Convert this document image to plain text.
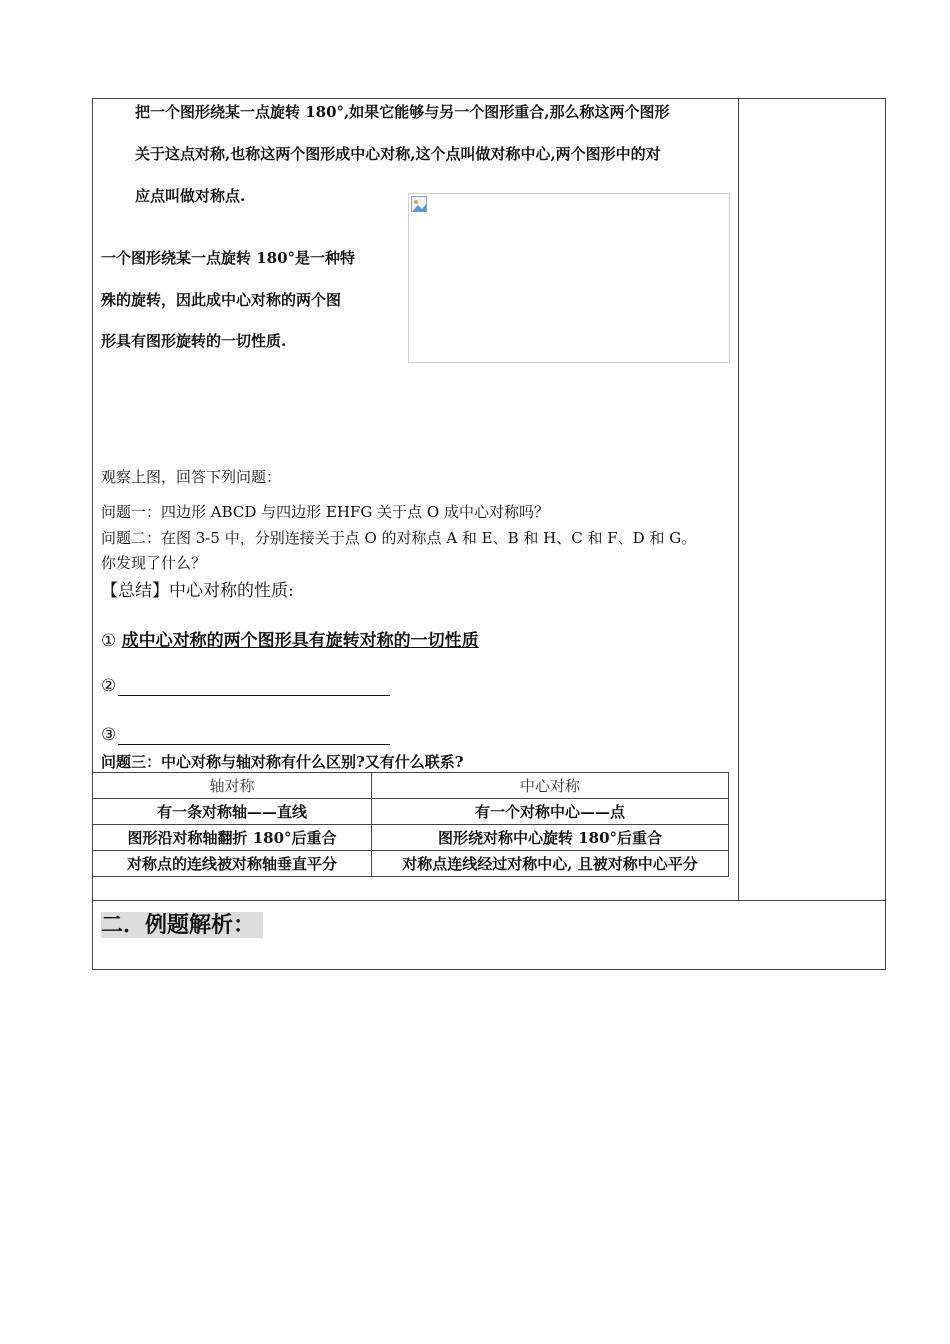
把一个图形绕某一点旋转 180°,如果它能够与另一个图形重合,那么称这两个图形
关于这点对称,也称这两个图形成中心对称,这个点叫做对称中心,两个图形中的对
应点叫做对称点.
一个图形绕某一点旋转 180°是一种特
殊的旋转，因此成中心对称的两个图
形具有图形旋转的一切性质.
观察上图，回答下列问题：
问题一：四边形 ABCD 与四边形 EHFG 关于点 O 成中心对称吗？
问题二：在图 3-5 中，分别连接关于点 O 的对称点 A 和 E、B 和 H、C 和 F、D 和 G。
你发现了什么？
【总结】中心对称的性质:
① 成中心对称的两个图形具有旋转对称的一切性质
②
③
问题三：中心对称与轴对称有什么区别?又有什么联系?
轴对称	中心对称
有一条对称轴——直线	有一个对称中心——点
图形沿对称轴翻折 180°后重合	图形绕对称中心旋转 180°后重合
对称点的连线被对称轴垂直平分	对称点连线经过对称中心, 且被对称中心平分
二．例题解析：
